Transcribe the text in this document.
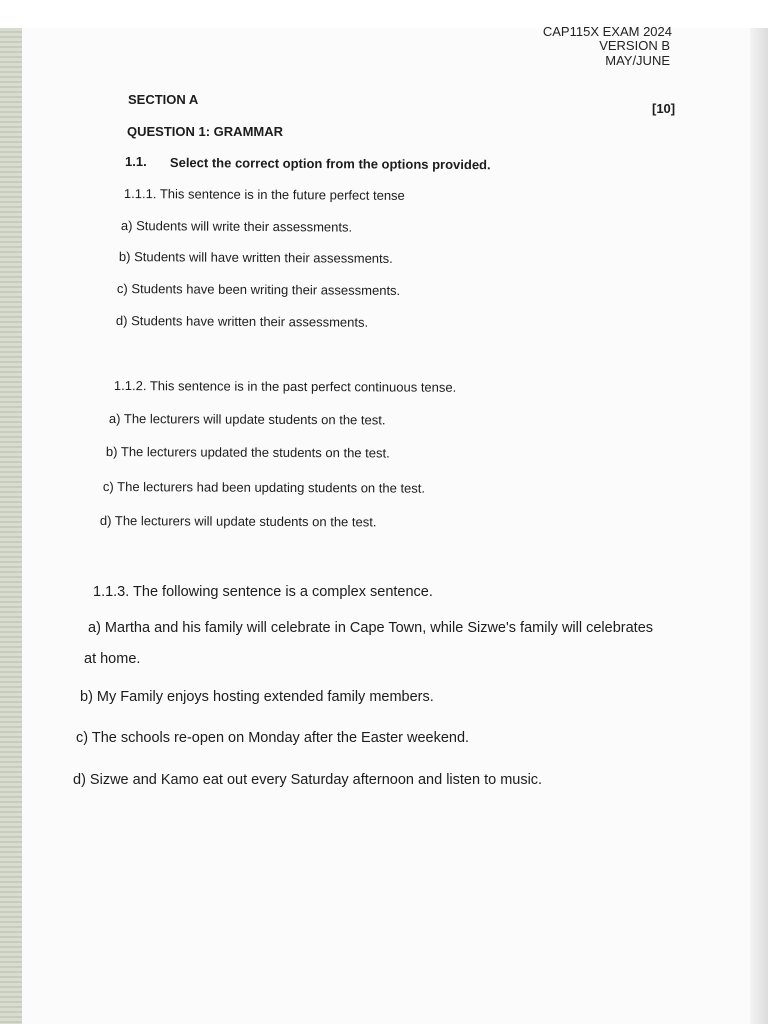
CAP115X EXAM 2024
VERSION B
MAY/JUNE
SECTION A
[10]
QUESTION 1: GRAMMAR
1.1. Select the correct option from the options provided.
1.1.1. This sentence is in the future perfect tense
a) Students will write their assessments.
b) Students will have written their assessments.
c) Students have been writing their assessments.
d) Students have written their assessments.
1.1.2. This sentence is in the past perfect continuous tense.
a) The lecturers will update students on the test.
b) The lecturers updated the students on the test.
c) The lecturers had been updating students on the test.
d) The lecturers will update students on the test.
1.1.3. The following sentence is a complex sentence.
a) Martha and his family will celebrate in Cape Town, while Sizwe's family will celebrates
at home.
b) My Family enjoys hosting extended family members.
c) The schools re-open on Monday after the Easter weekend.
d) Sizwe and Kamo eat out every Saturday afternoon and listen to music.
